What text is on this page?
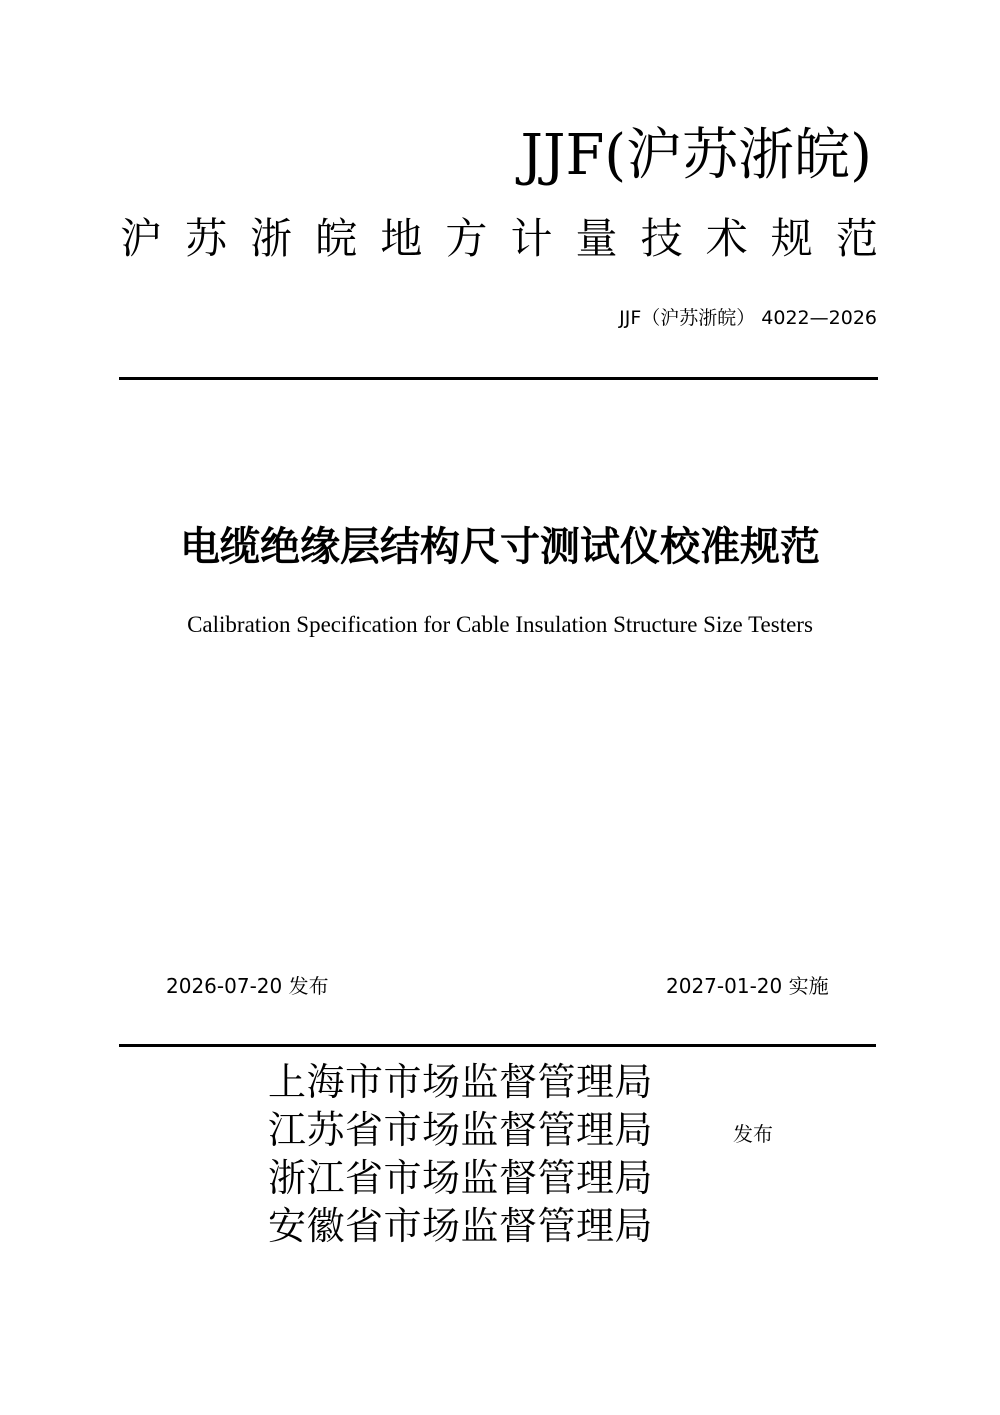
JJF(沪苏浙皖)
沪 苏 浙 皖 地 方 计 量 技 术 规 范
JJF（沪苏浙皖） 4022—2026
电缆绝缘层结构尺寸测试仪校准规范
Calibration Specification for Cable Insulation Structure Size Testers
2026-07-20 发布	2027-01-20 实施
上海市市场监督管理局
江苏省市场监督管理局
浙江省市场监督管理局
安徽省市场监督管理局
发布
